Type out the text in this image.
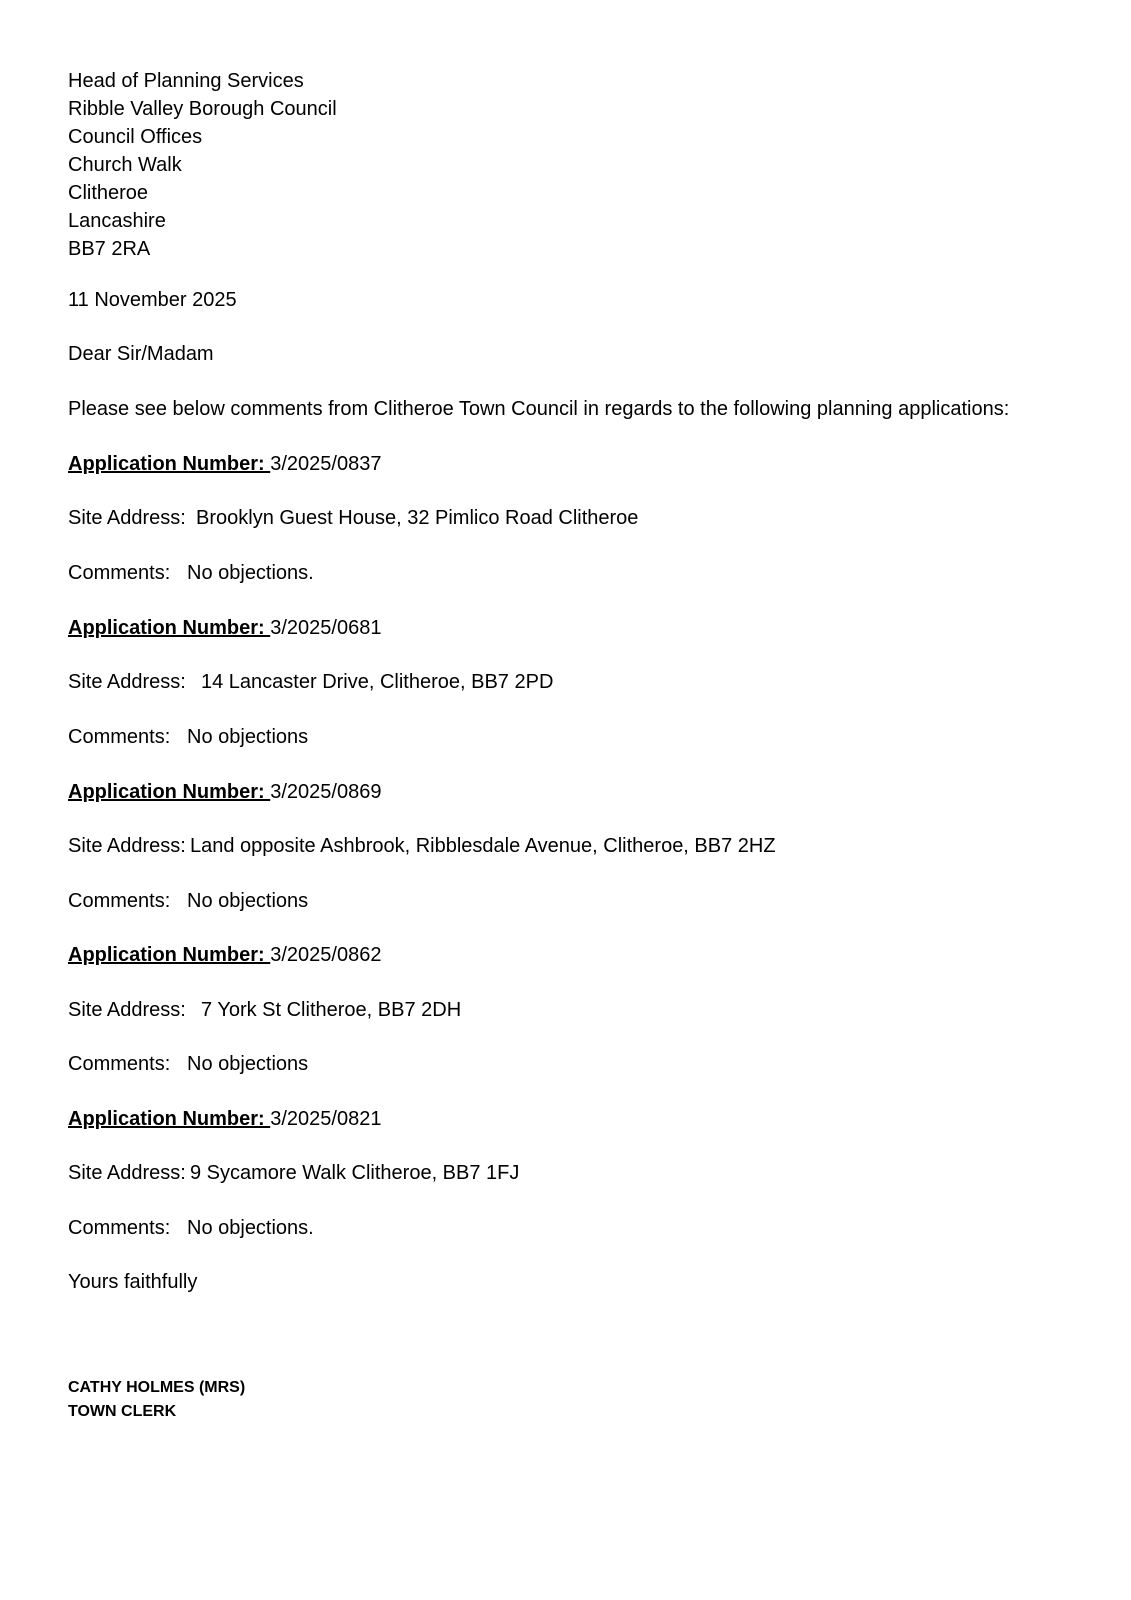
Head of Planning Services
Ribble Valley Borough Council
Council Offices
Church Walk
Clitheroe
Lancashire
BB7 2RA
11 November 2025
Dear Sir/Madam
Please see below comments from Clitheroe Town Council in regards to the following planning applications:
Application Number: 3/2025/0837
Site Address: Brooklyn Guest House, 32 Pimlico Road Clitheroe
Comments: No objections.
Application Number: 3/2025/0681
Site Address: 14 Lancaster Drive, Clitheroe, BB7 2PD
Comments: No objections
Application Number: 3/2025/0869
Site Address: Land opposite Ashbrook, Ribblesdale Avenue, Clitheroe, BB7 2HZ
Comments: No objections
Application Number: 3/2025/0862
Site Address: 7 York St Clitheroe, BB7 2DH
Comments: No objections
Application Number: 3/2025/0821
Site Address: 9 Sycamore Walk Clitheroe, BB7 1FJ
Comments: No objections.
Yours faithfully
CATHY HOLMES (MRS)
TOWN CLERK
